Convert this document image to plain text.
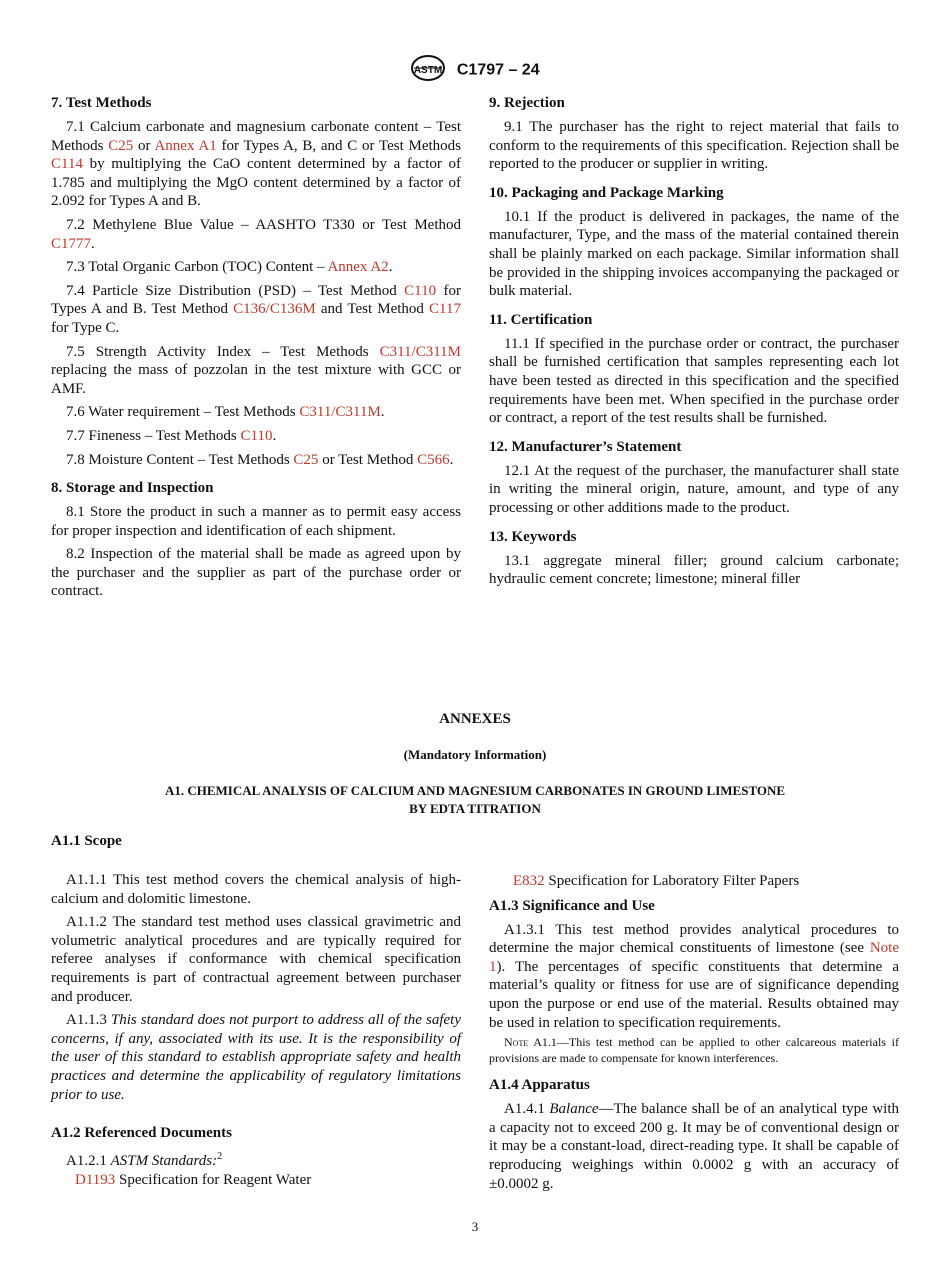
ASTM C1797 – 24

7. Test Methods

7.1 Calcium carbonate and magnesium carbonate content – Test Methods C25 or Annex A1 for Types A, B, and C or Test Methods C114 by multiplying the CaO content determined by a factor of 1.785 and multiplying the MgO content determined by a factor of 2.092 for Types A and B.

7.2 Methylene Blue Value – AASHTO T330 or Test Method C1777.

7.3 Total Organic Carbon (TOC) Content – Annex A2.

7.4 Particle Size Distribution (PSD) – Test Method C110 for Types A and B. Test Method C136/C136M and Test Method C117 for Type C.

7.5 Strength Activity Index – Test Methods C311/C311M replacing the mass of pozzolan in the test mixture with GCC or AMF.

7.6 Water requirement – Test Methods C311/C311M.

7.7 Fineness – Test Methods C110.

7.8 Moisture Content – Test Methods C25 or Test Method C566.

8. Storage and Inspection

8.1 Store the product in such a manner as to permit easy access for proper inspection and identification of each shipment.

8.2 Inspection of the material shall be made as agreed upon by the purchaser and the supplier as part of the purchase order or contract.

9. Rejection

9.1 The purchaser has the right to reject material that fails to conform to the requirements of this specification. Rejection shall be reported to the producer or supplier in writing.

10. Packaging and Package Marking

10.1 If the product is delivered in packages, the name of the manufacturer, Type, and the mass of the material contained therein shall be plainly marked on each package. Similar information shall be provided in the shipping invoices accompanying the packaged or bulk material.

11. Certification

11.1 If specified in the purchase order or contract, the purchaser shall be furnished certification that samples representing each lot have been tested as directed in this specification and the specified requirements have been met. When specified in the purchase order or contract, a report of the test results shall be furnished.

12. Manufacturer’s Statement

12.1 At the request of the purchaser, the manufacturer shall state in writing the mineral origin, nature, amount, and type of any processing or other additions made to the product.

13. Keywords

13.1 aggregate mineral filler; ground calcium carbonate; hydraulic cement concrete; limestone; mineral filler

ANNEXES
(Mandatory Information)
A1. CHEMICAL ANALYSIS OF CALCIUM AND MAGNESIUM CARBONATES IN GROUND LIMESTONE
BY EDTA TITRATION

A1.1 Scope

A1.1.1 This test method covers the chemical analysis of high-calcium and dolomitic limestone.

A1.1.2 The standard test method uses classical gravimetric and volumetric analytical procedures and are typically required for referee analyses if conformance with chemical specification requirements is part of contractual agreement between purchaser and producer.

A1.1.3 This standard does not purport to address all of the safety concerns, if any, associated with its use. It is the responsibility of the user of this standard to establish appropriate safety and health practices and determine the applicability of regulatory limitations prior to use.

A1.2 Referenced Documents

A1.2.1 ASTM Standards:$^2$

D1193 Specification for Reagent Water

E832 Specification for Laboratory Filter Papers

A1.3 Significance and Use

A1.3.1 This test method provides analytical procedures to determine the major chemical constituents of limestone (see Note 1). The percentages of specific constituents that determine a material’s quality or fitness for use are of significance depending upon the purpose or end use of the material. Results obtained may be used in relation to specification requirements.

Note A1.1—This test method can be applied to other calcareous materials if provisions are made to compensate for known interferences.

A1.4 Apparatus

A1.4.1 Balance—The balance shall be of an analytical type with a capacity not to exceed 200 g. It may be of conventional design or it may be a constant-load, direct-reading type. It shall be capable of reproducing weighings within 0.0002 g with an accuracy of ±0.0002 g.

3
